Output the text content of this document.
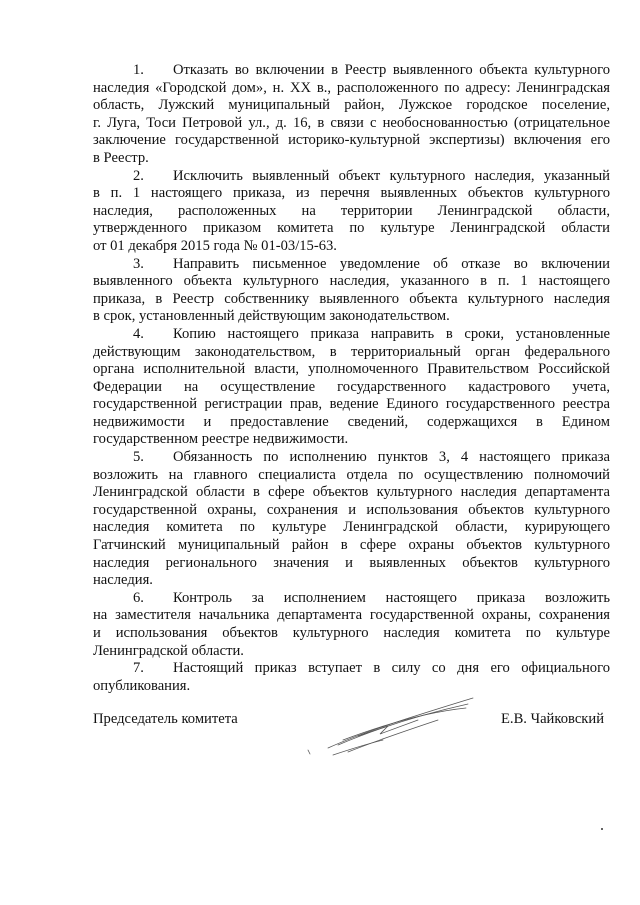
1. Отказать во включении в Реестр выявленного объекта культурного
наследия «Городской дом», н. XX в., расположенного по адресу: Ленинградская
область, Лужский муниципальный район, Лужское городское поселение,
г. Луга, Тоси Петровой ул., д. 16, в связи с необоснованностью (отрицательное
заключение государственной историко-культурной экспертизы) включения его
в Реестр.
2. Исключить выявленный объект культурного наследия, указанный
в п. 1 настоящего приказа, из перечня выявленных объектов культурного
наследия, расположенных на территории Ленинградской области,
утвержденного приказом комитета по культуре Ленинградской области
от 01 декабря 2015 года № 01-03/15-63.
3. Направить письменное уведомление об отказе во включении
выявленного объекта культурного наследия, указанного в п. 1 настоящего
приказа, в Реестр собственнику выявленного объекта культурного наследия
в срок, установленный действующим законодательством.
4. Копию настоящего приказа направить в сроки, установленные
действующим законодательством, в территориальный орган федерального
органа исполнительной власти, уполномоченного Правительством Российской
Федерации на осуществление государственного кадастрового учета,
государственной регистрации прав, ведение Единого государственного реестра
недвижимости и предоставление сведений, содержащихся в Едином
государственном реестре недвижимости.
5. Обязанность по исполнению пунктов 3, 4 настоящего приказа
возложить на главного специалиста отдела по осуществлению полномочий
Ленинградской области в сфере объектов культурного наследия департамента
государственной охраны, сохранения и использования объектов культурного
наследия комитета по культуре Ленинградской области, курирующего
Гатчинский муниципальный район в сфере охраны объектов культурного
наследия регионального значения и выявленных объектов культурного
наследия.
6. Контроль за исполнением настоящего приказа возложить
на заместителя начальника департамента государственной охраны, сохранения
и использования объектов культурного наследия комитета по культуре
Ленинградской области.
7. Настоящий приказ вступает в силу со дня его официального
опубликования.
Председатель комитета	Е.В. Чайковский
